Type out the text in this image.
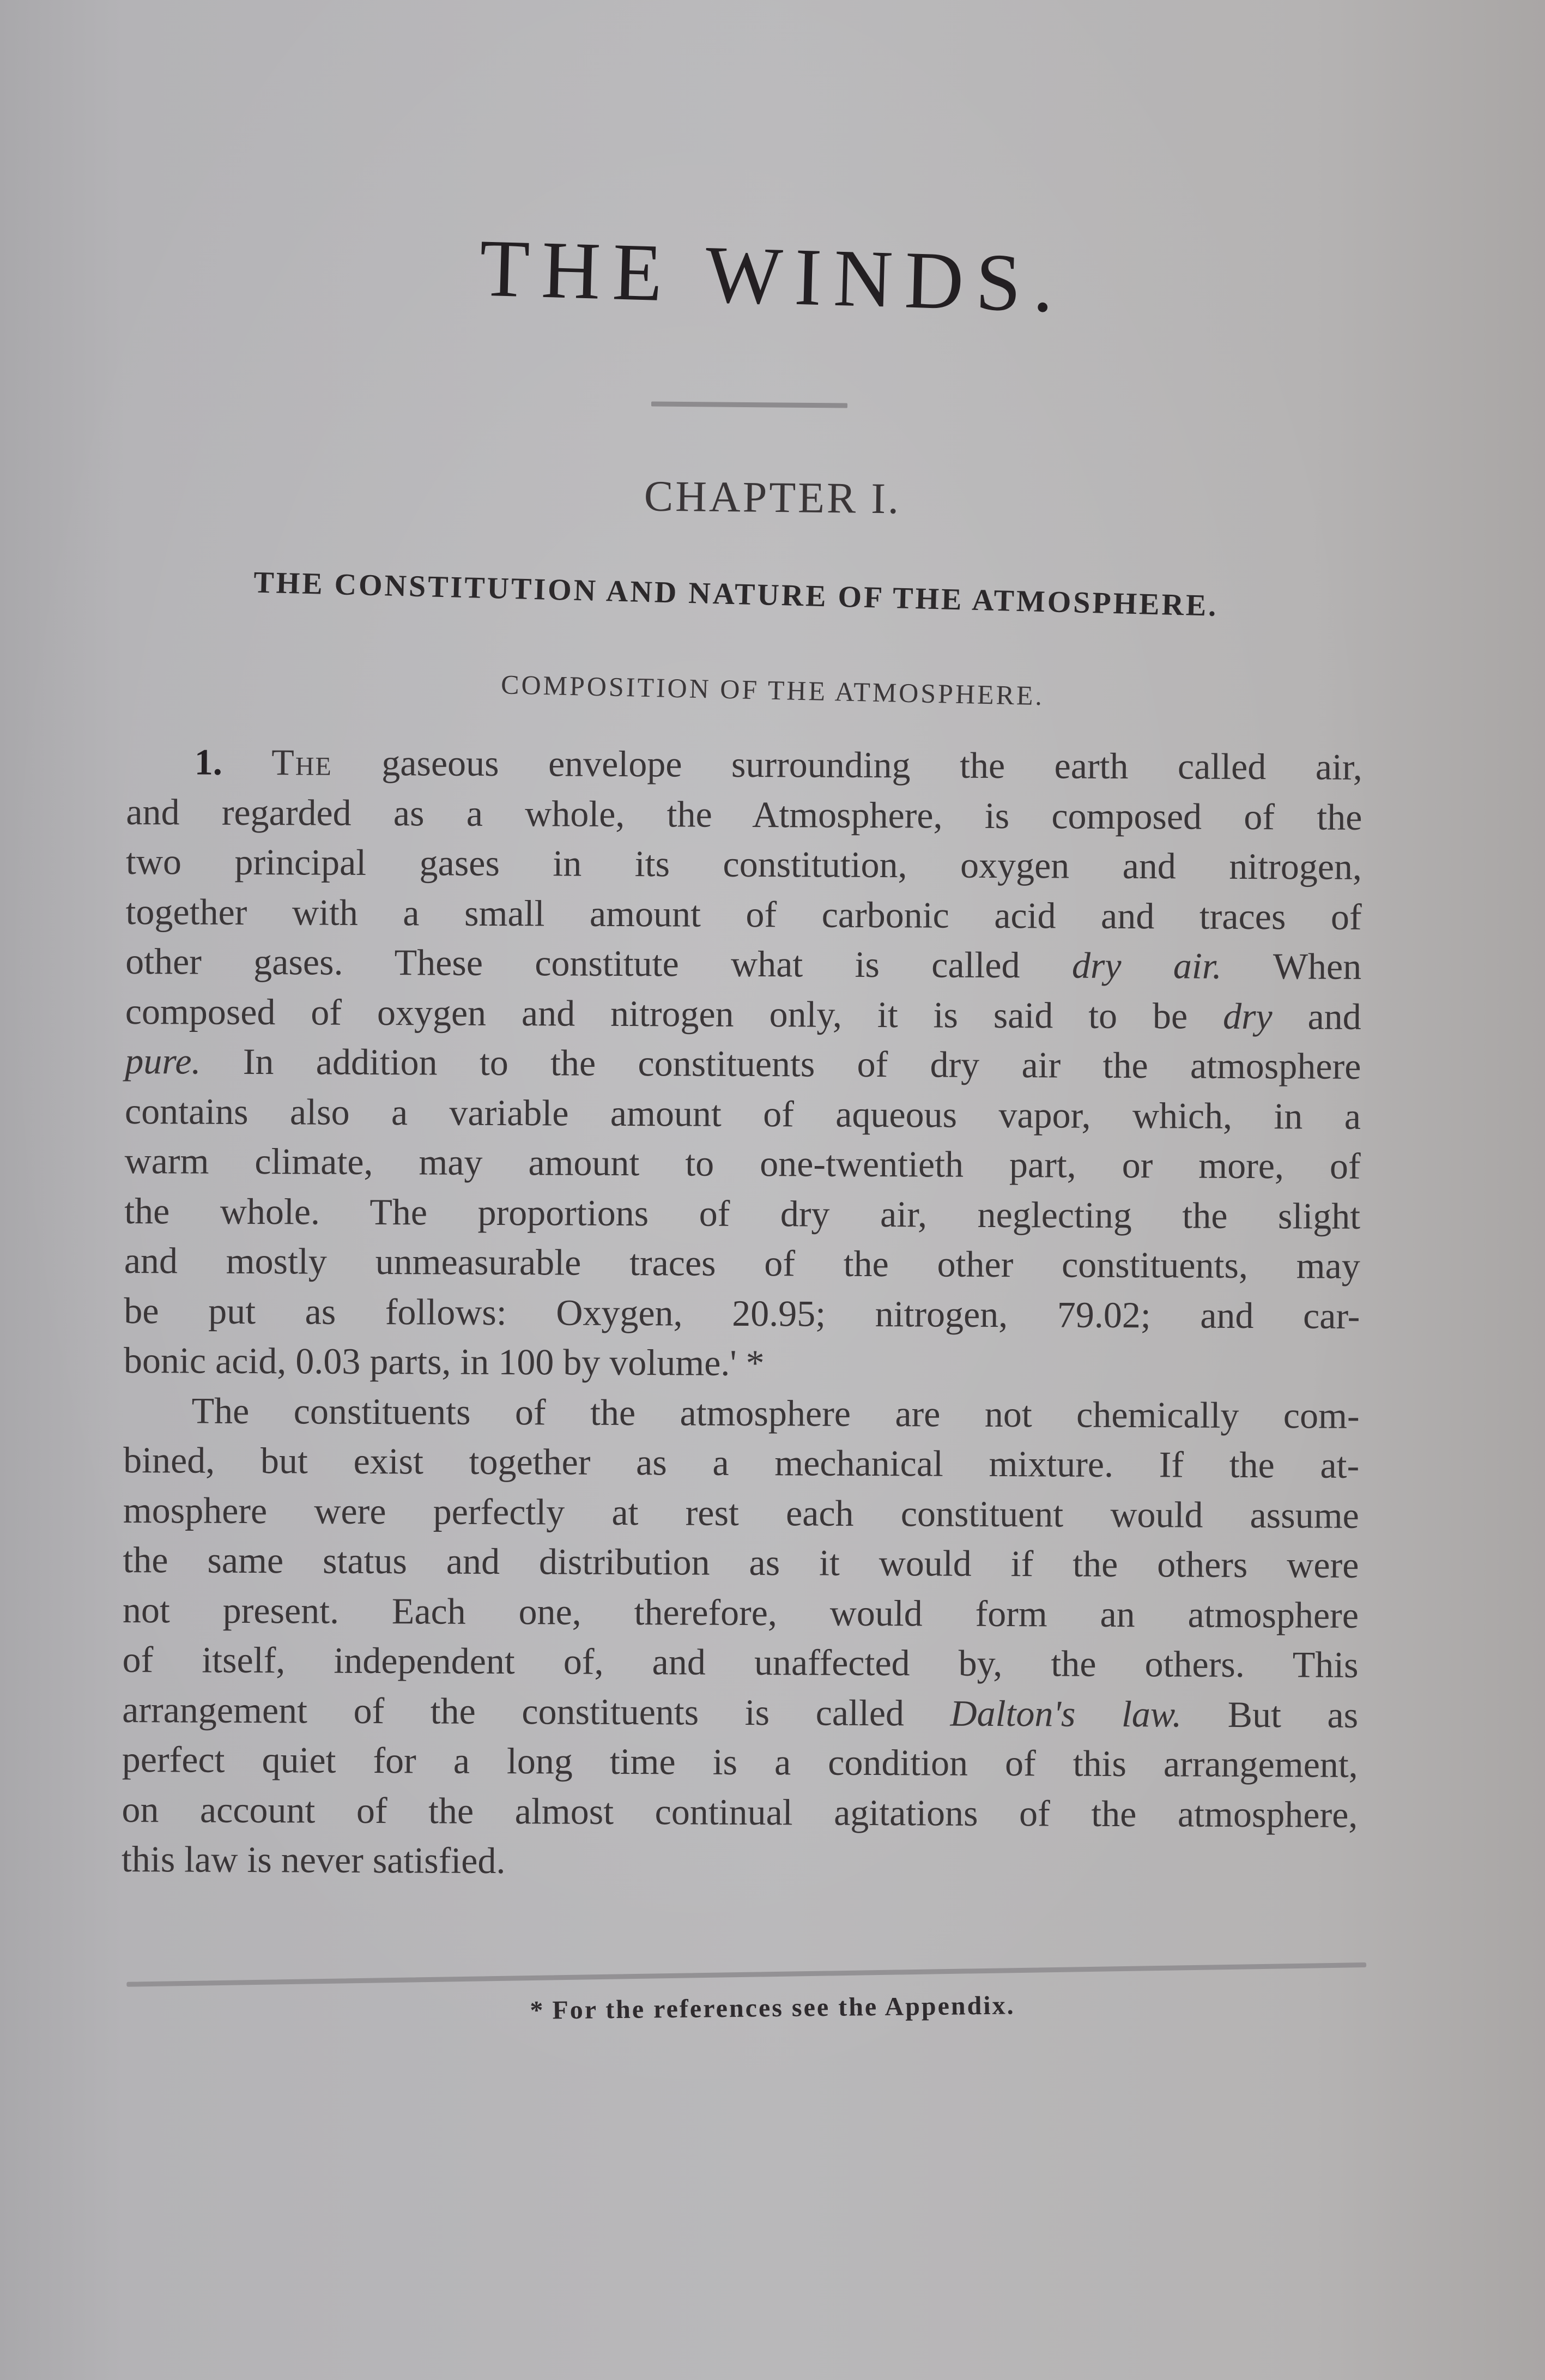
THE WINDS.
CHAPTER I.
THE CONSTITUTION AND NATURE OF THE ATMOSPHERE.
COMPOSITION OF THE ATMOSPHERE.

1. The gaseous envelope surrounding the earth called air,
and regarded as a whole, the Atmosphere, is composed of the
two principal gases in its constitution, oxygen and nitrogen,
together with a small amount of carbonic acid and traces of
other gases. These constitute what is called dry air. When
composed of oxygen and nitrogen only, it is said to be dry and
pure. In addition to the constituents of dry air the atmosphere
contains also a variable amount of aqueous vapor, which, in a
warm climate, may amount to one-twentieth part, or more, of
the whole. The proportions of dry air, neglecting the slight
and mostly unmeasurable traces of the other constituents, may
be put as follows: Oxygen, 20.95; nitrogen, 79.02; and car-
bonic acid, 0.03 parts, in 100 by volume.' *

The constituents of the atmosphere are not chemically com-
bined, but exist together as a mechanical mixture. If the at-
mosphere were perfectly at rest each constituent would assume
the same status and distribution as it would if the others were
not present. Each one, therefore, would form an atmosphere
of itself, independent of, and unaffected by, the others. This
arrangement of the constituents is called Dalton's law. But as
perfect quiet for a long time is a condition of this arrangement,
on account of the almost continual agitations of the atmosphere,
this law is never satisfied.

* For the references see the Appendix.
